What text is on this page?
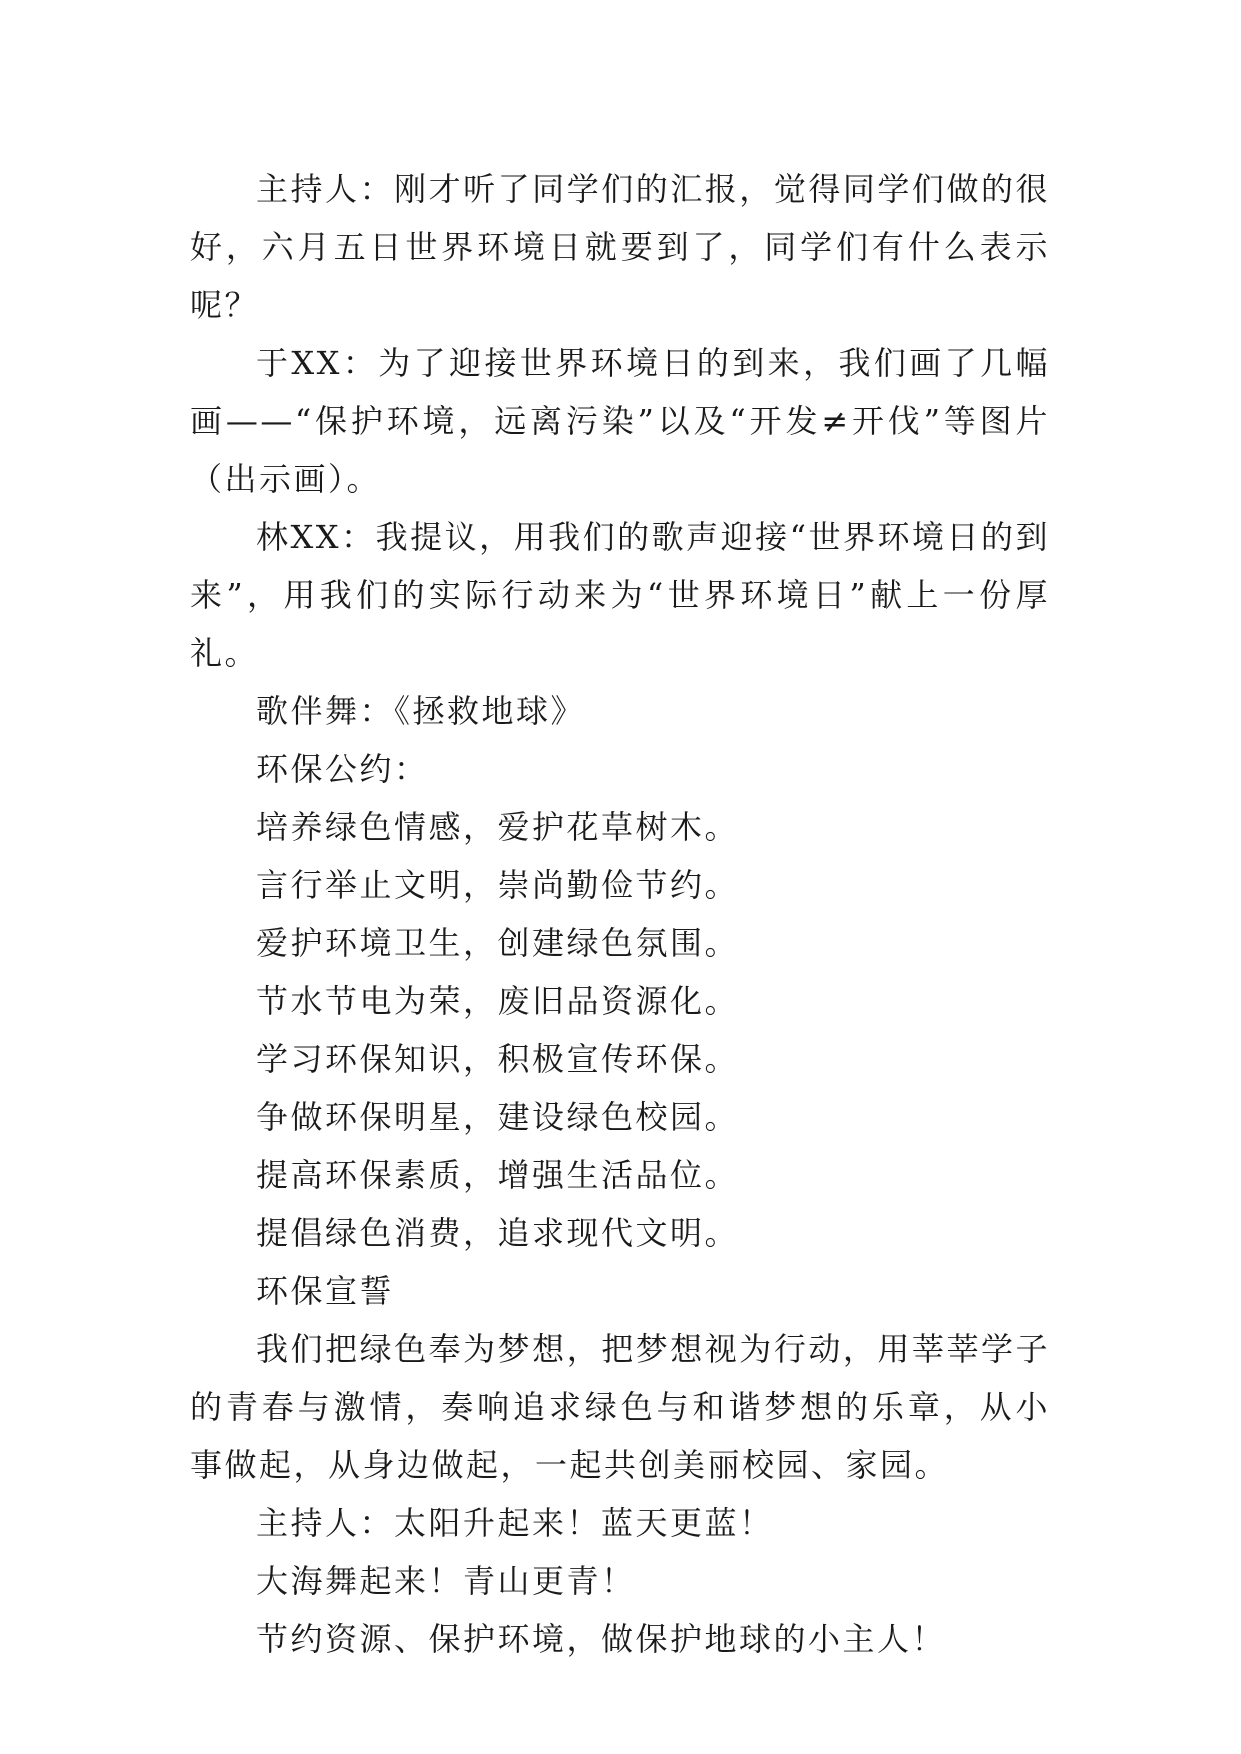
主持人：刚才听了同学们的汇报，觉得同学们做的很好，六月五日世界环境日就要到了，同学们有什么表示呢？

于XX：为了迎接世界环境日的到来，我们画了几幅画——“保护环境，远离污染”以及“开发≠开伐”等图片（出示画）。

林XX：我提议，用我们的歌声迎接“世界环境日的到来”，用我们的实际行动来为“世界环境日”献上一份厚礼。

歌伴舞：《拯救地球》

环保公约：

培养绿色情感，爱护花草树木。

言行举止文明，崇尚勤俭节约。

爱护环境卫生，创建绿色氛围。

节水节电为荣，废旧品资源化。

学习环保知识，积极宣传环保。

争做环保明星，建设绿色校园。

提高环保素质，增强生活品位。

提倡绿色消费，追求现代文明。

环保宣誓

我们把绿色奉为梦想，把梦想视为行动，用莘莘学子的青春与激情，奏响追求绿色与和谐梦想的乐章，从小事做起，从身边做起，一起共创美丽校园、家园。

主持人：太阳升起来！蓝天更蓝！

大海舞起来！青山更青！

节约资源、保护环境，做保护地球的小主人！
